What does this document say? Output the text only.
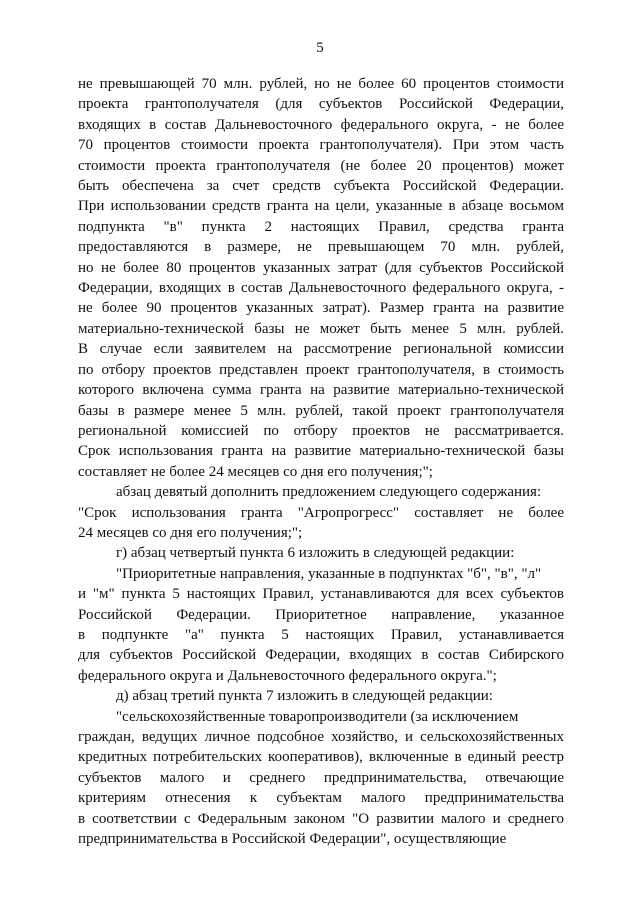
5

не превышающей 70 млн. рублей, но не более 60 процентов стоимости
проекта грантополучателя (для субъектов Российской Федерации,
входящих в состав Дальневосточного федерального округа, - не более
70 процентов стоимости проекта грантополучателя). При этом часть
стоимости проекта грантополучателя (не более 20 процентов) может
быть обеспечена за счет средств субъекта Российской Федерации.
При использовании средств гранта на цели, указанные в абзаце восьмом
подпункта "в" пункта 2 настоящих Правил, средства гранта
предоставляются в размере, не превышающем 70 млн. рублей,
но не более 80 процентов указанных затрат (для субъектов Российской
Федерации, входящих в состав Дальневосточного федерального округа, -
не более 90 процентов указанных затрат). Размер гранта на развитие
материально-технической базы не может быть менее 5 млн. рублей.
В случае если заявителем на рассмотрение региональной комиссии
по отбору проектов представлен проект грантополучателя, в стоимость
которого включена сумма гранта на развитие материально-технической
базы в размере менее 5 млн. рублей, такой проект грантополучателя
региональной комиссией по отбору проектов не рассматривается.
Срок использования гранта на развитие материально-технической базы
составляет не более 24 месяцев со дня его получения;";

абзац девятый дополнить предложением следующего содержания:

"Срок использования гранта "Агропрогресс" составляет не более
24 месяцев со дня его получения;";

г) абзац четвертый пункта 6 изложить в следующей редакции:

"Приоритетные направления, указанные в подпунктах "б", "в", "л"

и "м" пункта 5 настоящих Правил, устанавливаются для всех субъектов
Российской Федерации. Приоритетное направление, указанное
в подпункте "а" пункта 5 настоящих Правил, устанавливается
для субъектов Российской Федерации, входящих в состав Сибирского
федерального округа и Дальневосточного федерального округа.";

д) абзац третий пункта 7 изложить в следующей редакции:

"сельскохозяйственные товаропроизводители (за исключением

граждан, ведущих личное подсобное хозяйство, и сельскохозяйственных
кредитных потребительских кооперативов), включенные в единый реестр
субъектов малого и среднего предпринимательства, отвечающие
критериям отнесения к субъектам малого предпринимательства
в соответствии с Федеральным законом "О развитии малого и среднего
предпринимательства в Российской Федерации", осуществляющие
